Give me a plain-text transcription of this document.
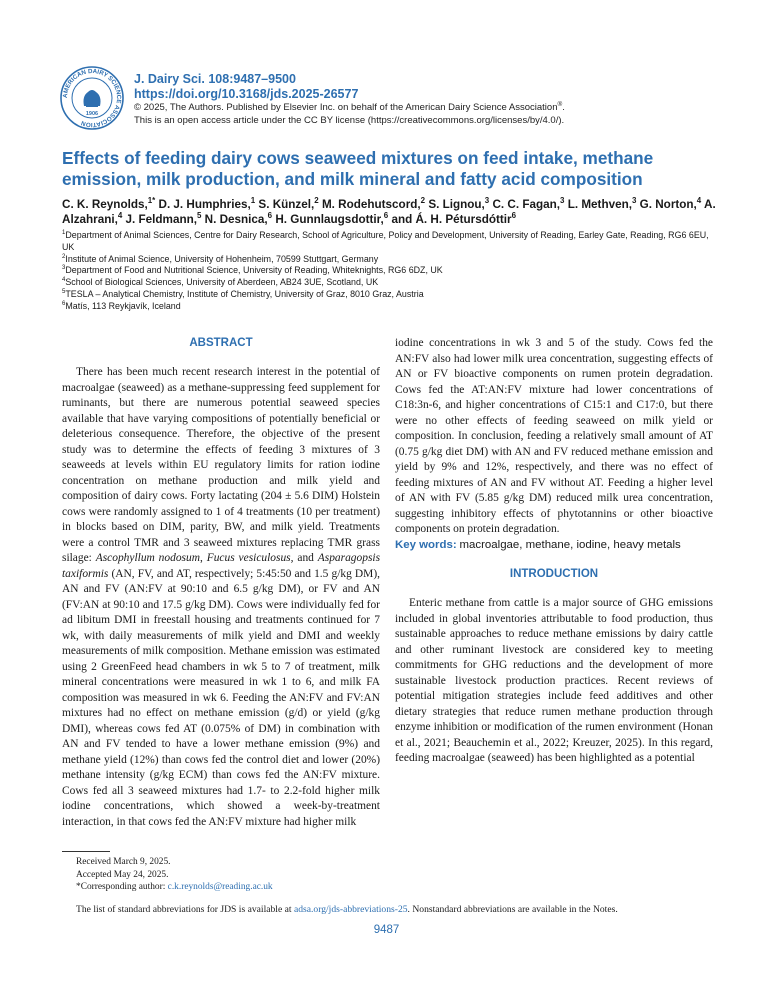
AMERICAN DAIRY SCIENCE ASSOCIATION
1906
J. Dairy Sci. 108:9487–9500
https://doi.org/10.3168/jds.2025-26577
© 2025, The Authors. Published by Elsevier Inc. on behalf of the American Dairy Science Association®.
This is an open access article under the CC BY license (https://creativecommons.org/licenses/by/4.0/).
Effects of feeding dairy cows seaweed mixtures on feed intake, methane emission, milk production, and milk mineral and fatty acid composition
C. K. Reynolds,$^{1*}$ D. J. Humphries,$^1$ S. Künzel,$^2$ M. Rodehutscord,$^2$ S. Lignou,$^3$ C. C. Fagan,$^3$ L. Methven,$^3$ G. Norton,$^4$ A. Alzahrani,$^4$ J. Feldmann,$^5$ N. Desnica,$^6$ H. Gunnlaugsdottir,$^6$ and Á. H. Pétursdóttir$^6$
$^1$Department of Animal Sciences, Centre for Dairy Research, School of Agriculture, Policy and Development, University of Reading, Earley Gate, Reading, RG6 6EU, UK
$^2$Institute of Animal Science, University of Hohenheim, 70599 Stuttgart, Germany
$^3$Department of Food and Nutritional Science, University of Reading, Whiteknights, RG6 6DZ, UK
$^4$School of Biological Sciences, University of Aberdeen, AB24 3UE, Scotland, UK
$^5$TESLA – Analytical Chemistry, Institute of Chemistry, University of Graz, 8010 Graz, Austria
$^6$Matís, 113 Reykjavík, Iceland
ABSTRACT

There has been much recent research interest in the potential of macroalgae (seaweed) as a methane-suppressing feed supplement for ruminants, but there are numerous potential seaweed species available that have varying compositions of potentially beneficial or deleterious consequence. Therefore, the objective of the present study was to determine the effects of feeding 3 mixtures of 3 seaweeds at levels within EU regulatory limits for ration iodine concentration on methane production and milk yield and composition of dairy cows. Forty lactating (204 ± 5.6 DIM) Holstein cows were randomly assigned to 1 of 4 treatments (10 per treatment) in blocks based on DIM, parity, BW, and milk yield. Treatments were a control TMR and 3 seaweed mixtures replacing TMR grass silage: Ascophyllum nodosum, Fucus vesiculosus, and Asparagopsis taxiformis (AN, FV, and AT, respectively; 5:45:50 and 1.5 g/kg DM), AN and FV (AN:FV at 90:10 and 6.5 g/kg DM), or FV and AN (FV:AN at 90:10 and 17.5 g/kg DM). Cows were individually fed for ad libitum DMI in freestall housing and treatments continued for 7 wk, with daily measurements of milk yield and DMI and weekly measurements of milk composition. Methane emission was estimated using 2 GreenFeed head chambers in wk 5 to 7 of treatment, milk mineral concentrations were measured in wk 1 to 6, and milk FA composition was measured in wk 6. Feeding the AN:FV and FV:AN mixtures had no effect on methane emission (g/d) or yield (g/kg DMI), whereas cows fed AT (0.075% of DM) in combination with AN and FV tended to have a lower methane emission (9%) and methane yield (12%) than cows fed the control diet and lower (20%) methane intensity (g/kg ECM) than cows fed the AN:FV mixture. Cows fed all 3 seaweed mixtures had 1.7- to 2.2-fold higher milk iodine concentrations, which showed a week-by-treatment interaction, in that cows fed the AN:FV mixture had higher milk

iodine concentrations in wk 3 and 5 of the study. Cows fed the AN:FV also had lower milk urea concentration, suggesting effects of AN or FV bioactive components on rumen protein degradation. Cows fed the AT:AN:FV mixture had lower concentrations of C18:3n-6, and higher concentrations of C15:1 and C17:0, but there were no other effects of feeding seaweed on milk yield or composition. In conclusion, feeding a relatively small amount of AT (0.75 g/kg diet DM) with AN and FV reduced methane emission and yield by 9% and 12%, respectively, and there was no effect of feeding mixtures of AN and FV without AT. Feeding a higher level of AN with FV (5.85 g/kg DM) reduced milk urea concentration, suggesting inhibitory effects of phytotannins or other bioactive components on protein degradation.

Key words: macroalgae, methane, iodine, heavy metals

INTRODUCTION

Enteric methane from cattle is a major source of GHG emissions included in global inventories attributable to food production, thus sustainable approaches to reduce methane emissions by dairy cattle and other ruminant livestock are considered key to meeting commitments for GHG reductions and the development of more sustainable livestock production practices. Recent reviews of potential mitigation strategies include feed additives and other dietary strategies that reduce rumen methane production through enzyme inhibition or modification of the rumen environment (Honan et al., 2021; Beauchemin et al., 2022; Kreuzer, 2025). In this regard, feeding macroalgae (seaweed) has been highlighted as a potential

Received March 9, 2025.
Accepted May 24, 2025.
*Corresponding author: c.k.reynolds@reading.ac.uk
The list of standard abbreviations for JDS is available at adsa.org/jds-abbreviations-25. Nonstandard abbreviations are available in the Notes.
9487
